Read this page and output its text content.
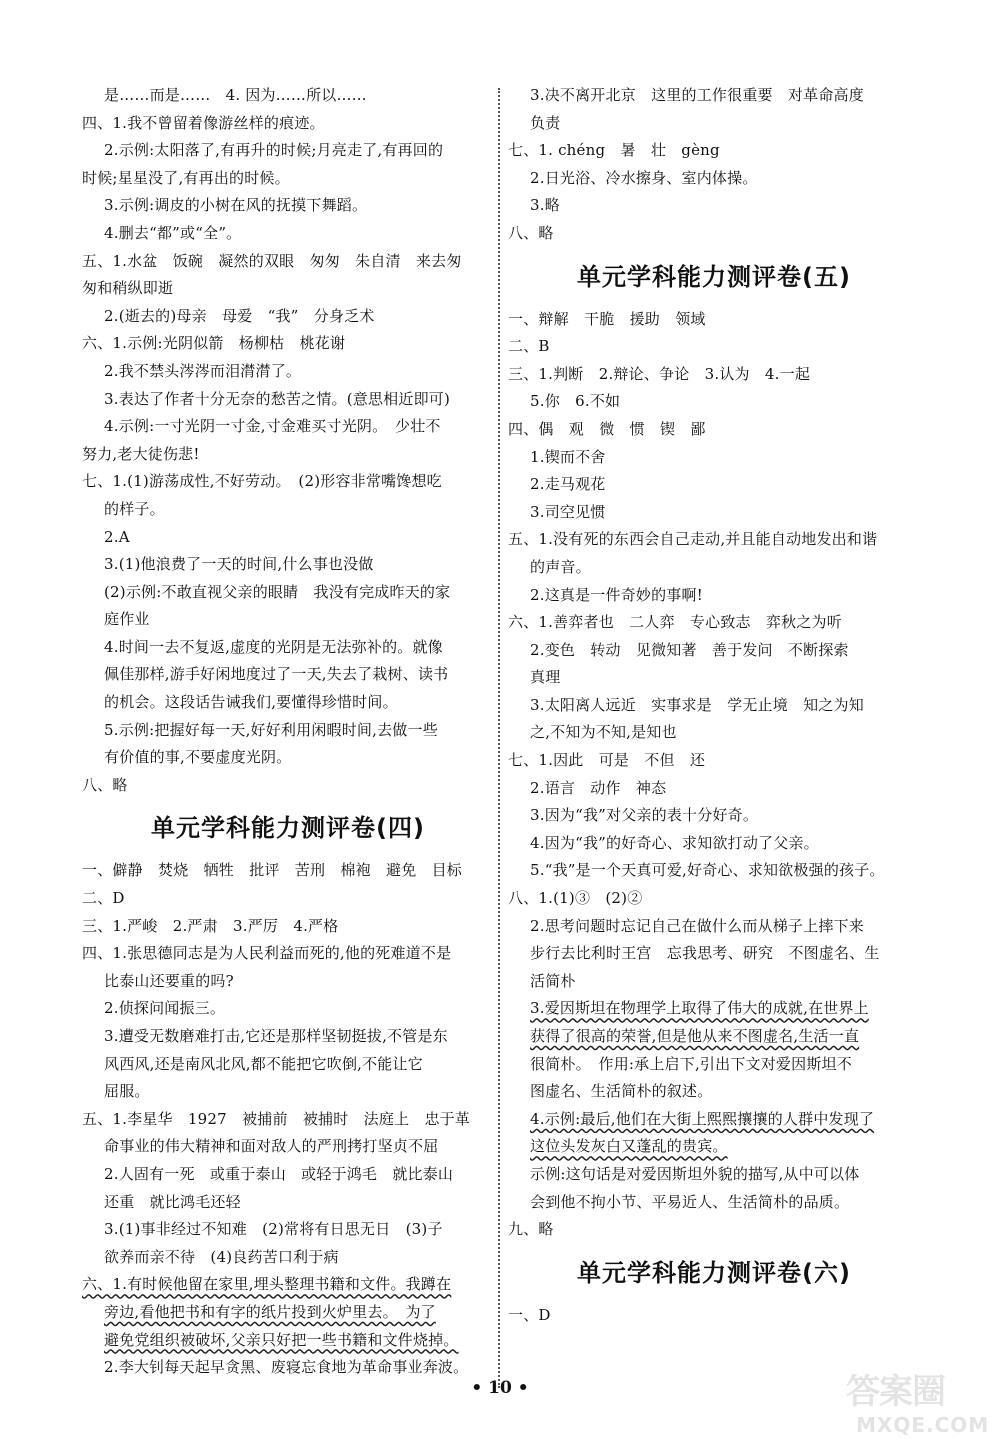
是……而是……　4. 因为……所以……
四、1.我不曾留着像游丝样的痕迹。
2.示例:太阳落了,有再升的时候;月亮走了,有再回的
时候;星星没了,有再出的时候。
3.示例:调皮的小树在风的抚摸下舞蹈。
4.删去“都”或“全”。
五、1.水盆　饭碗　凝然的双眼　匆匆　朱自清　来去匆
匆和稍纵即逝
2.(逝去的)母亲　母爱　“我”　分身乏术
六、1.示例:光阴似箭　杨柳枯　桃花谢
2.我不禁头涔涔而泪潸潸了。
3.表达了作者十分无奈的愁苦之情。(意思相近即可)
4.示例:一寸光阴一寸金,寸金难买寸光阴。　少壮不
努力,老大徒伤悲!
七、1.(1)游荡成性,不好劳动。　(2)形容非常嘴馋想吃
的样子。
2.A
3.(1)他浪费了一天的时间,什么事也没做
(2)示例:不敢直视父亲的眼睛　我没有完成昨天的家
庭作业
4.时间一去不复返,虚度的光阴是无法弥补的。就像
佩佳那样,游手好闲地度过了一天,失去了栽树、读书
的机会。这段话告诫我们,要懂得珍惜时间。
5.示例:把握好每一天,好好利用闲暇时间,去做一些
有价值的事,不要虚度光阴。
八、略
单元学科能力测评卷(四)
一、僻静　焚烧　牺牲　批评　苦刑　棉袍　避免　目标
二、D
三、1.严峻　2.严肃　3.严厉　4.严格
四、1.张思德同志是为人民利益而死的,他的死难道不是
比泰山还要重的吗?
2.侦探问闻振三。
3.遭受无数磨难打击,它还是那样坚韧挺拔,不管是东
风西风,还是南风北风,都不能把它吹倒,不能让它
屈服。
五、1.李星华　1927　被捕前　被捕时　法庭上　忠于革
命事业的伟大精神和面对敌人的严刑拷打坚贞不屈
2.人固有一死　或重于泰山　或轻于鸿毛　就比泰山
还重　就比鸿毛还轻
3.(1)事非经过不知难　(2)常将有日思无日　(3)子
欲养而亲不待　(4)良药苦口利于病
六、1.有时候他留在家里,埋头整理书籍和文件。我蹲在
旁边,看他把书和有字的纸片投到火炉里去。　为了
避免党组织被破坏,父亲只好把一些书籍和文件烧掉。
2.李大钊每天起早贪黑、废寝忘食地为革命事业奔波。
3.决不离开北京　这里的工作很重要　对革命高度
负责
七、1. chéng　暑　壮　gèng
2.日光浴、冷水擦身、室内体操。
3.略
八、略
单元学科能力测评卷(五)
一、辩解　干脆　援助　领域
二、B
三、1.判断　2.辩论、争论　3.认为　4.一起
5.你　6.不如
四、偶　观　微　惯　锲　鄙
1.锲而不舍
2.走马观花
3.司空见惯
五、1.没有死的东西会自己走动,并且能自动地发出和谐
的声音。
2.这真是一件奇妙的事啊!
六、1.善弈者也　二人弈　专心致志　弈秋之为听
2.变色　转动　见微知著　善于发问　不断探索
真理
3.太阳离人远近　实事求是　学无止境　知之为知
之,不知为不知,是知也
七、1.因此　可是　不但　还
2.语言　动作　神态
3.因为“我”对父亲的表十分好奇。
4.因为“我”的好奇心、求知欲打动了父亲。
5.“我”是一个天真可爱,好奇心、求知欲极强的孩子。
八、1.(1)③　(2)②
2.思考问题时忘记自己在做什么而从梯子上摔下来
步行去比利时王宫　忘我思考、研究　不图虚名、生
活简朴
3.爱因斯坦在物理学上取得了伟大的成就,在世界上
获得了很高的荣誉,但是他从来不图虚名,生活一直
很简朴。　作用:承上启下,引出下文对爱因斯坦不
图虚名、生活简朴的叙述。
4.示例:最后,他们在大街上熙熙攘攘的人群中发现了
这位头发灰白又蓬乱的贵宾。
示例:这句话是对爱因斯坦外貌的描写,从中可以体
会到他不拘小节、平易近人、生活简朴的品质。
九、略
单元学科能力测评卷(六)
一、D
• 10 •	答案圈
MXQE.COM
